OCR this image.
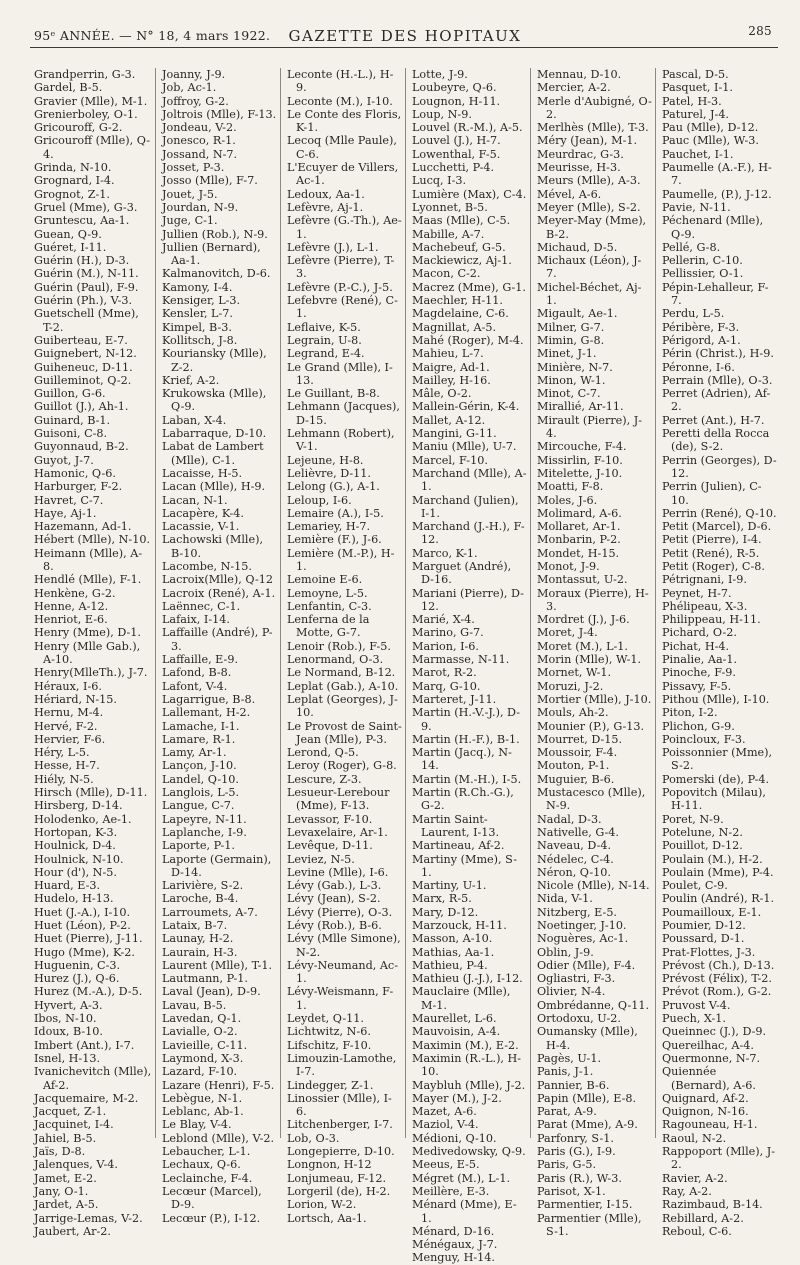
95ᵉ ANNÉE. — N° 18, 4 mars 1922.	GAZETTE DES HOPITAUX	285
Grandperrin, G-3.
Gardel, B-5.
Gravier (Mlle), M-1.
Grenierboley, O-1.
Gricouroff, G-2.
Gricouroff (Mlle), Q-4.
Grinda, N-10.
Grognard, I-4.
Grognot, Z-1.
Gruel (Mme), G-3.
Gruntescu, Aa-1.
Guean, Q-9.
Guéret, I-11.
Guérin (H.), D-3.
Guérin (M.), N-11.
Guérin (Paul), F-9.
Guérin (Ph.), V-3.
Guetschell (Mme), T-2.
Guiberteau, E-7.
Guignebert, N-12.
Guiheneuc, D-11.
Guilleminot, Q-2.
Guillon, G-6.
Guillot (J.), Ah-1.
Guinard, B-1.
Guisoni, C-8.
Guyonnaud, B-2.
Guyot, J-7.
Hamonic, Q-6.
Harburger, F-2.
Havret, C-7.
Haye, Aj-1.
Hazemann, Ad-1.
Hébert (Mlle), N-10.
Heimann (Mlle), A-8.
Hendlé (Mlle), F-1.
Henkène, G-2.
Henne, A-12.
Henriot, E-6.
Henry (Mme), D-1.
Henry (Mlle Gab.), A-10.
Henry(MlleTh.), J-7.
Héraux, I-6.
Hériard, N-15.
Hernu, M-4.
Hervé, F-2.
Hervier, F-6.
Héry, L-5.
Hesse, H-7.
Hiély, N-5.
Hirsch (Mlle), D-11.
Hirsberg, D-14.
Holodenko, Ae-1.
Hortopan, K-3.
Houlnick, D-4.
Houlnick, N-10.
Hour (d'), N-5.
Huard, E-3.
Hudelo, H-13.
Huet (J.-A.), I-10.
Huet (Léon), P-2.
Huet (Pierre), J-11.
Hugo (Mme), K-2.
Huguenin, C-3.
Hurez (J.), Q-6.
Hurez (M.-A.), D-5.
Hyvert, A-3.
Ibos, N-10.
Idoux, B-10.
Imbert (Ant.), I-7.
Isnel, H-13.
Ivanichevitch (Mlle), Af-2.
Jacquemaire, M-2.
Jacquet, Z-1.
Jacquinet, I-4.
Jahiel, B-5.
Jaïs, D-8.
Jalenques, V-4.
Jamet, E-2.
Jany, O-1.
Jardet, A-5.
Jarrige-Lemas, V-2.
Jaubert, Ar-2.
Joanny, J-9.
Job, Ac-1.
Joffroy, G-2.
Joltrois (Mlle), F-13.
Jondeau, V-2.
Jonesco, R-1.
Jossand, N-7.
Josset, P-3.
Josso (Mlle), F-7.
Jouet, J-5.
Jourdan, N-9.
Juge, C-1.
Jullien (Rob.), N-9.
Jullien (Bernard), Aa-1.
Kalmanovitch, D-6.
Kamony, I-4.
Kensiger, L-3.
Kensler, L-7.
Kimpel, B-3.
Kollitsch, J-8.
Kouriansky (Mlle), Z-2.
Krief, A-2.
Krukowska (Mlle), Q-9.
Laban, X-4.
Labarraque, D-10.
Labat de Lambert (Mlle), C-1.
Lacaisse, H-5.
Lacan (Mlle), H-9.
Lacan, N-1.
Lacapère, K-4.
Lacassie, V-1.
Lachowski (Mlle), B-10.
Lacombe, N-15.
Lacroix(Mlle), Q-12
Lacroix (René), A-1.
Laënnec, C-1.
Lafaix, I-14.
Laffaille (André), P-3.
Laffaille, E-9.
Lafond, B-8.
Lafont, V-4.
Lagarrigue, B-8.
Lallemant, H-2.
Lamache, I-1.
Lamare, R-1.
Lamy, Ar-1.
Lançon, J-10.
Landel, Q-10.
Langlois, L-5.
Langue, C-7.
Lapeyre, N-11.
Laplanche, I-9.
Laporte, P-1.
Laporte (Germain), D-14.
Larivière, S-2.
Laroche, B-4.
Larroumets, A-7.
Lataix, B-7.
Launay, H-2.
Laurain, H-3.
Laurent (Mlle), T-1.
Lautmann, P-1.
Laval (Jean), D-9.
Lavau, B-5.
Lavedan, Q-1.
Lavialle, O-2.
Lavieille, C-11.
Laymond, X-3.
Lazard, F-10.
Lazare (Henri), F-5.
Lebègue, N-1.
Leblanc, Ab-1.
Le Blay, V-4.
Leblond (Mlle), V-2.
Lebaucher, L-1.
Lechaux, Q-6.
Leclainche, F-4.
Lecœur (Marcel), D-9.
Lecœur (P.), I-12.
Leconte (H.-L.), H-9.
Leconte (M.), I-10.
Le Conte des Floris, K-1.
Lecoq (Mlle Paule), C-6.
L'Ecuyer de Villers, Ac-1.
Ledoux, Aa-1.
Lefèvre, Aj-1.
Lefèvre (G.-Th.), Ae-1.
Lefèvre (J.), L-1.
Lefèvre (Pierre), T-3.
Lefèvre (P.-C.), J-5.
Lefebvre (René), C-1.
Leflaive, K-5.
Legrain, U-8.
Legrand, E-4.
Le Grand (Mlle), I-13.
Le Guillant, B-8.
Lehmann (Jacques), D-15.
Lehmann (Robert), V-1.
Lejeune, H-8.
Lelièvre, D-11.
Lelong (G.), A-1.
Leloup, I-6.
Lemaire (A.), I-5.
Lemariey, H-7.
Lemière (F.), J-6.
Lemière (M.-P.), H-1.
Lemoine E-6.
Lemoyne, L-5.
Lenfantin, C-3.
Lenferna de la Motte, G-7.
Lenoir (Rob.), F-5.
Lenormand, O-3.
Le Normand, B-12.
Leplat (Gab.), A-10.
Leplat (Georges), J-10.
Le Provost de Saint-Jean (Mlle), P-3.
Lerond, Q-5.
Leroy (Roger), G-8.
Lescure, Z-3.
Lesueur-Lerebour (Mme), F-13.
Levassor, F-10.
Levaxelaire, Ar-1.
Levêque, D-11.
Leviez, N-5.
Levine (Mlle), I-6.
Lévy (Gab.), L-3.
Lévy (Jean), S-2.
Lévy (Pierre), O-3.
Lévy (Rob.), B-6.
Lévy (Mlle Simone), N-2.
Lévy-Neumand, Ac-1.
Lévy-Weismann, F-1.
Leydet, Q-11.
Lichtwitz, N-6.
Lifschitz, F-10.
Limouzin-Lamothe, I-7.
Lindegger, Z-1.
Linossier (Mlle), I-6.
Litchenberger, I-7.
Lob, O-3.
Longepierre, D-10.
Longnon, H-12
Lonjumeau, F-12.
Lorgeril (de), H-2.
Lorion, W-2.
Lortsch, Aa-1.
Lotte, J-9.
Loubeyre, Q-6.
Lougnon, H-11.
Loup, N-9.
Louvel (R.-M.), A-5.
Louvel (J.), H-7.
Lowenthal, F-5.
Lucchetti, P-4.
Lucq, I-3.
Lumière (Max), C-4.
Lyonnet, B-5.
Maas (Mlle), C-5.
Mabille, A-7.
Machebeuf, G-5.
Mackiewicz, Aj-1.
Macon, C-2.
Macrez (Mme), G-1.
Maechler, H-11.
Magdelaine, C-6.
Magnillat, A-5.
Mahé (Roger), M-4.
Mahieu, L-7.
Maigre, Ad-1.
Mailley, H-16.
Mâle, O-2.
Mallein-Gérin, K-4.
Mallet, A-12.
Mangini, G-11.
Maniu (Mlle), U-7.
Marcel, F-10.
Marchand (Mlle), A-1.
Marchand (Julien), I-1.
Marchand (J.-H.), F-12.
Marco, K-1.
Marguet (André), D-16.
Mariani (Pierre), D-12.
Marié, X-4.
Marino, G-7.
Marion, I-6.
Marmasse, N-11.
Marot, R-2.
Marq, G-10.
Marteret, J-11.
Martin (H.-V.-J.), D-9.
Martin (H.-F.), B-1.
Martin (Jacq.), N-14.
Martin (M.-H.), I-5.
Martin (R.Ch.-G.), G-2.
Martin Saint-Laurent, I-13.
Martineau, Af-2.
Martiny (Mme), S-1.
Martiny, U-1.
Marx, R-5.
Mary, D-12.
Marzouck, H-11.
Masson, A-10.
Mathias, Aa-1.
Mathieu, P-4.
Mathieu (J.-J.), I-12.
Mauclaire (Mlle), M-1.
Maurellet, L-6.
Mauvoisin, A-4.
Maximin (M.), E-2.
Maximin (R.-L.), H-10.
Maybluh (Mlle), J-2.
Mayer (M.), J-2.
Mazet, A-6.
Maziol, V-4.
Médioni, Q-10.
Medivedowsky, Q-9.
Meeus, E-5.
Mégret (M.), L-1.
Meillère, E-3.
Ménard (Mme), E-1.
Ménard, D-16.
Ménégaux, J-7.
Menguy, H-14.
Mennau, D-10.
Mercier, A-2.
Merle d'Aubigné, O-2.
Merlhès (Mlle), T-3.
Méry (Jean), M-1.
Meurdrac, G-3.
Meurisse, H-3.
Meurs (Mlle), A-3.
Mével, A-6.
Meyer (Mlle), S-2.
Meyer-May (Mme), B-2.
Michaud, D-5.
Michaux (Léon), J-7.
Michel-Béchet, Aj-1.
Migault, Ae-1.
Milner, G-7.
Mimin, G-8.
Minet, J-1.
Minière, N-7.
Minon, W-1.
Minot, C-7.
Mirallié, Ar-11.
Mirault (Pierre), J-4.
Mircouche, F-4.
Missirlin, F-10.
Mitelette, J-10.
Moatti, F-8.
Moles, J-6.
Molimard, A-6.
Mollaret, Ar-1.
Monbarin, P-2.
Mondet, H-15.
Monot, J-9.
Montassut, U-2.
Moraux (Pierre), H-3.
Mordret (J.), J-6.
Moret, J-4.
Moret (M.), L-1.
Morin (Mlle), W-1.
Mornet, W-1.
Moruzi, J-2.
Mortier (Mlle), J-10.
Mouls, Ah-2.
Mounier (P.), G-13.
Mourret, D-15.
Moussoir, F-4.
Mouton, P-1.
Muguier, B-6.
Mustacesco (Mlle), N-9.
Nadal, D-3.
Nativelle, G-4.
Naveau, D-4.
Nédelec, C-4.
Néron, Q-10.
Nicole (Mlle), N-14.
Nida, V-1.
Nitzberg, E-5.
Noetinger, J-10.
Noguères, Ac-1.
Oblin, J-9.
Odier (Mlle), F-4.
Ogliastri, F-3.
Olivier, N-4.
Ombrédanne, Q-11.
Ortodoxu, U-2.
Oumansky (Mlle), H-4.
Pagès, U-1.
Panis, J-1.
Pannier, B-6.
Papin (Mlle), E-8.
Parat, A-9.
Parat (Mme), A-9.
Parfonry, S-1.
Paris (G.), I-9.
Paris, G-5.
Paris (R.), W-3.
Parisot, X-1.
Parmentier, I-15.
Parmentier (Mlle), S-1.
Pascal, D-5.
Pasquet, I-1.
Patel, H-3.
Paturel, J-4.
Pau (Mlle), D-12.
Pauc (Mlle), W-3.
Pauchet, I-1.
Paumelle (A.-F.), H-7.
Paumelle, (P.), J-12.
Pavie, N-11.
Péchenard (Mlle), Q-9.
Pellé, G-8.
Pellerin, C-10.
Pellissier, O-1.
Pépin-Lehalleur, F-7.
Perdu, L-5.
Péribère, F-3.
Périgord, A-1.
Périn (Christ.), H-9.
Péronne, I-6.
Perrain (Mlle), O-3.
Perret (Adrien), Af-2.
Perret (Ant.), H-7.
Peretti della Rocca (de), S-2.
Perrin (Georges), D-12.
Perrin (Julien), C-10.
Perrin (René), Q-10.
Petit (Marcel), D-6.
Petit (Pierre), I-4.
Petit (René), R-5.
Petit (Roger), C-8.
Pétrignani, I-9.
Peynet, H-7.
Phélipeau, X-3.
Philippeau, H-11.
Pichard, O-2.
Pichat, H-4.
Pinalie, Aa-1.
Pinoche, F-9.
Pissavy, F-5.
Pithou (Mlle), I-10.
Piton, I-2.
Plichon, G-9.
Poincloux, F-3.
Poissonnier (Mme), S-2.
Pomerski (de), P-4.
Popovitch (Milau), H-11.
Poret, N-9.
Potelune, N-2.
Pouillot, D-12.
Poulain (M.), H-2.
Poulain (Mme), P-4.
Poulet, C-9.
Poulin (André), R-1.
Poumailloux, E-1.
Poumier, D-12.
Poussard, D-1.
Prat-Flottes, J-3.
Prévost (Ch.), D-13.
Prévost (Félix), T-2.
Prévot (Rom.), G-2.
Pruvost V-4.
Puech, X-1.
Queinnec (J.), D-9.
Quereilhac, A-4.
Quermonne, N-7.
Quiennée (Bernard), A-6.
Quignard, Af-2.
Quignon, N-16.
Ragouneau, H-1.
Raoul, N-2.
Rappoport (Mlle), J-2.
Ravier, A-2.
Ray, A-2.
Razimbaud, B-14.
Rebillard, A-2.
Reboul, C-6.
